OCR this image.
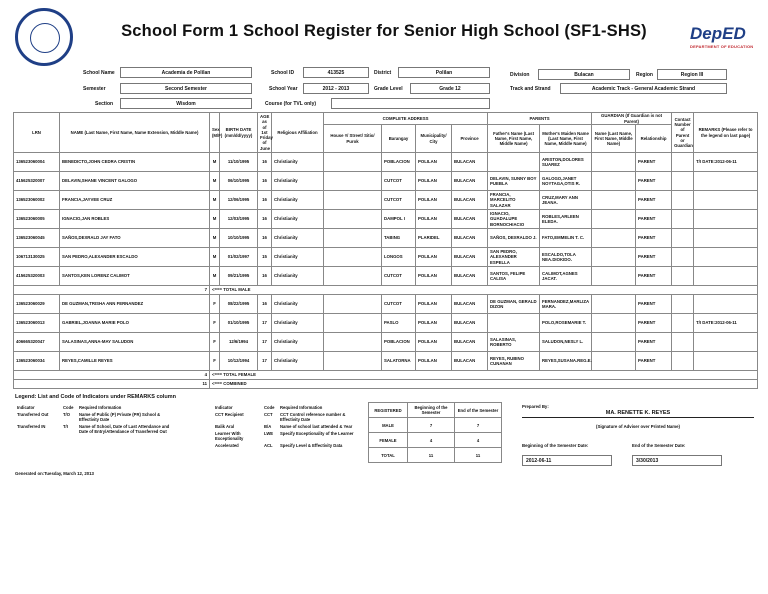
School Form 1 School Register for Senior High School (SF1-SHS)	DepED
DEPARTMENT OF EDUCATION
School Name	Academia de Polilan	School ID	413525	District	Polilan	Division	Bulacan	Region	Region III
Semester	Second Semester	School Year	2012 - 2013	Grade Level	Grade 12	Track and Strand	Academic Track - General Academic Strand
Section	Wisdom	Course (for TVL only)
LRN	NAME (Last Name, First Name, Name Extension, Middle Name)	Sex (M/F)	BIRTH DATE (mm/dd/yyyy)	AGE as of 1st Friday of June	Religious Affiliation	COMPLETE ADDRESS				PARENTS		GUARDIAN (If Guardian is not Parent)		Contact Number of Parent or Guardian	REMARKS (Please refer to the legend on last page)
						House #/ Street/ Sitio/ Purok	Barangay	Municipality/ City	Province	Father's Name (Last Name, First Name, Middle Name)	Mother's Maiden Name (Last Name, First Name, Middle Name)	Name (Last Name, First Name, Middle Name)	Relationship		
136523060004	BENEDICTO,JOHN CEDRA CRISTIN	M	11/10/1995	16	Christianity		POBLACION	POLILAN	BULACAN		ARISTON,DOLORES SUAREZ		PARENT		T/I DATE:2012-06-11
415625320007	DELAVIN,SHANE VINCENT GALOGO	M	06/10/1995	16	Christianity		CUTCOT	POLILAN	BULACAN	DELAVIN, SUNNY BOY PUEBLA	GALOGO,JANET NOYTAGA,OTIS R.		PARENT		
136523060002	FRANCIA,JAYVEE CRUZ	M	12/06/1995	16	Christianity		CUTCOT	POLILAN	BULACAN	FRANCIA, MARCELITO SALAZAR	CRUZ,MARY ANN JEANA.		PARENT		
136523060005	IGNACIO,JAN ROBLES	M	12/03/1995	16	Christianity		DAMPOL I	POLILAN	BULACAN	IGNACIO, GUADALUPE BORNOCHIACIO	ROBLES,ARLEEN ELEDA.		PARENT		
136523060045	SAÑOS,DEXRALD JAY FATO	M	10/10/1995	16	Christianity		TABING	PLARIDEL	BULACAN	SAÑOS, DEXRALDO J.	FATO,EMMELIN T. C.		PARENT		
106713130025	SAN PEDRO,ALEXANDER ESCALDO	M	01/02/1997	15	Christianity		LONGOS	POLILAN	BULACAN	SAN PEDRO, ALEXANDER ESPELLA	ESCALDO,TOLA NEA.DIOKIDO.		PARENT		
415625320003	SANTOS,KEN LORENZ CALIMOT	M	09/21/1995	16	Christianity		CUTCOT	POLILAN	BULACAN	SANTOS, FELIPE CALISA	CALIMOT,AGNES JACAT.		PARENT		
7		<=== TOTAL MALE													
136523060029	DE GUZMAN,TRISHA ANN FERNANDEZ	F	08/22/1995	16	Christianity		CUTCOT	POLILAN	BULACAN	DE GUZMAN, GERALD DIZON	FERNANDEZ,MARLIZA MARA.		PARENT		
136523060013	GABRIEL,JOANNA MARIE POLO	F	01/10/1995	17	Christianity		PASLO	POLILAN	BULACAN		POLO,ROSEMARIE T.		PARENT		T/I DATE:2012-06-11
406665320047	SALASINAS,ANNA-MAY SALUDON	F	12/6/1994	17	Christianity		POBLACION	POLILAN	BULACAN	SALASINAS, ROBERTO	SALUDON,NESLY L.		PARENT		
136523060034	REYES,CAMILLE REYES	F	10/12/1994	17	Christianity		SALATORNA	POLILAN	BULACAN	REYES, RUBINO CUNANAN	REYES,SUSANA.REG.E.		PARENT		
4		<=== TOTAL FEMALE													
11		<=== COMBINED													
Legend: List and Code of Indicators under REMARKS column
Indicator	Code	Required Information
Transferred Out	T/O	Name of Public (P) Private (PR) School & Effectivity Date
Transferred IN	T/I	Name of School, Date of Last Attendance and Date of Entry/Attendance of Transferred Out
Indicator	Code	Required Information
CCT Recipient	CCT	CCT Control reference number & Effectivity Date
Balik Aral	B/A	Name of school last attended & Year
Learner With Exceptionality	LWE	Specify Exceptionality of the Learner
Accelerated	ACL	Specify Level & Effectivity Data
REGISTERED	Beginning of the Semester	End of the Semester
MALE	7	7
FEMALE	4	4
TOTAL	11	11
Prepared By:
MA. RENETTE K. REYES
(Signature of Adviser over Printed Name)
Beginning of the Semester Date:
2012-06-11
End of the Semester Date:
3/30/2013
Generated on:Tuesday, March 12, 2013
